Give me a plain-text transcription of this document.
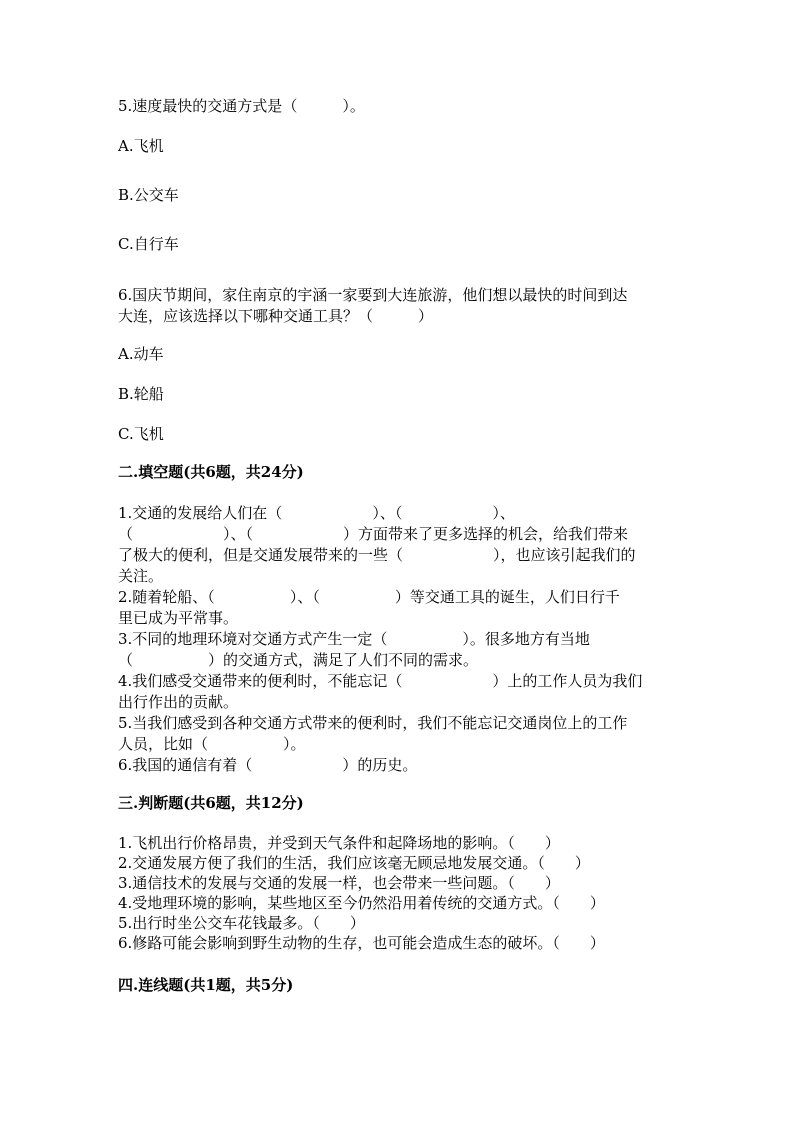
5.速度最快的交通方式是（　　　）。

A.飞机

B.公交车

C.自行车

6.国庆节期间，家住南京的宇涵一家要到大连旅游，他们想以最快的时间到达

大连，应该选择以下哪种交通工具？（　　　）

A.动车

B.轮船

C.飞机

二.填空题(共6题，共24分)

1.交通的发展给人们在（　　　　　　）、（　　　　　　）、

（　　　　　　）、（　　　　　　）方面带来了更多选择的机会，给我们带来

了极大的便利，但是交通发展带来的一些（　　　　　　），也应该引起我们的

关注。

2.随着轮船、（　　　　　）、（　　　　　）等交通工具的诞生，人们日行千

里已成为平常事。

3.不同的地理环境对交通方式产生一定（　　　　　）。很多地方有当地

（　　　　　）的交通方式，满足了人们不同的需求。

4.我们感受交通带来的便利时，不能忘记（　　　　　　）上的工作人员为我们

出行作出的贡献。

5.当我们感受到各种交通方式带来的便利时，我们不能忘记交通岗位上的工作

人员，比如（　　　　　）。

6.我国的通信有着（　　　　　　）的历史。

三.判断题(共6题，共12分)

1.飞机出行价格昂贵，并受到天气条件和起降场地的影响。（　　）

2.交通发展方便了我们的生活，我们应该毫无顾忌地发展交通。（　　）

3.通信技术的发展与交通的发展一样，也会带来一些问题。（　　）

4.受地理环境的影响，某些地区至今仍然沿用着传统的交通方式。（　　）

5.出行时坐公交车花钱最多。（　　）

6.修路可能会影响到野生动物的生存，也可能会造成生态的破坏。（　　）

四.连线题(共1题，共5分)
